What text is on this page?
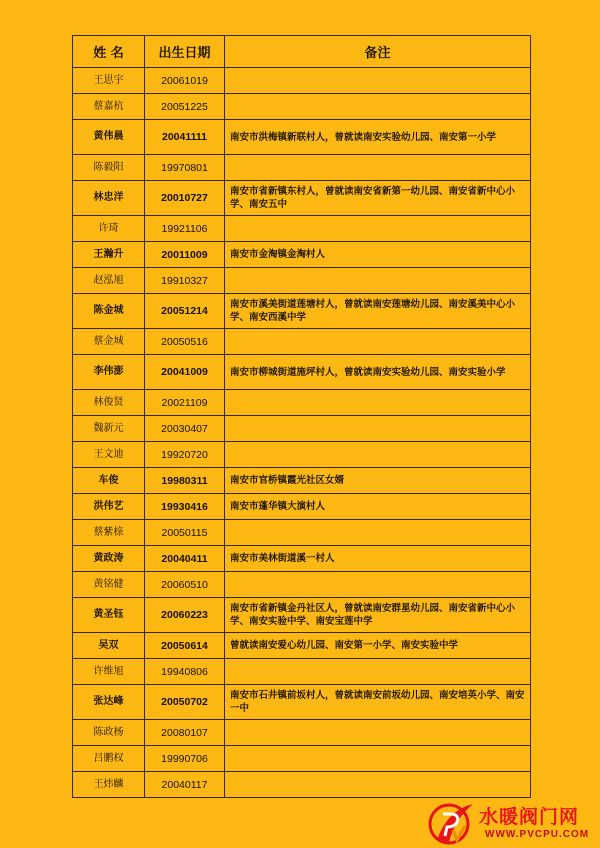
姓 名	出生日期	备注
王思宇	20061019	
蔡嘉杭	20051225	
黄伟晨	20041111	南安市洪梅镇新联村人，曾就读南安实验幼儿园、南安第一小学
陈毅阳	19970801	
林忠洋	20010727	南安市省新镇东村人，曾就读南安省新第一幼儿园、南安省新中心小学、南安五中
许琦	19921106	
王瀚升	20011009	南安市金淘镇金淘村人
赵泓旭	19910327	
陈金城	20051214	南安市溪美街道莲塘村人，曾就读南安莲塘幼儿园、南安溪美中心小学、南安西溪中学
蔡金城	20050516	
李伟澎	20041009	南安市柳城街道施坪村人，曾就读南安实验幼儿园、南安实验小学
林俊贤	20021109	
魏新元	20030407	
王文迪	19920720	
车俊	19980311	南安市官桥镇霞光社区女婿
洪伟艺	19930416	南安市蓬华镇大演村人
蔡紫榇	20050115	
黄政涛	20040411	南安市美林街道溪一村人
黄铭健	20060510	
黄圣钰	20060223	南安市省新镇金丹社区人，曾就读南安群星幼儿园、南安省新中心小学、南安实验中学、南安宝莲中学
吴双	20050614	曾就读南安爱心幼儿园、南安第一小学、南安实验中学
许维旭	19940806	
张达峰	20050702	南安市石井镇前坂村人，曾就读南安前坂幼儿园、南安培英小学、南安一中
陈政杨	20080107	
吕鹏权	19990706	
王炜麟	20040117	
水暖阀门网
WWW.PVCPU.COM
